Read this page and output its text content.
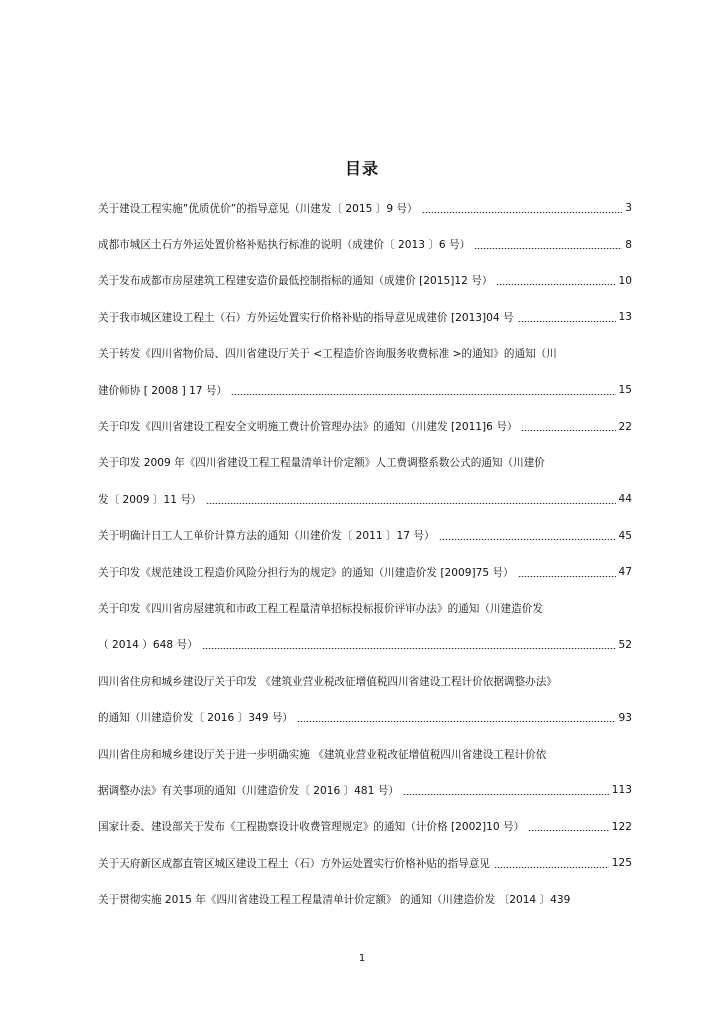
目录
关于建设工程实施”优质优价”的指导意见（川建发〔 2015 〕9 号）	3
成都市城区土石方外运处置价格补贴执行标准的说明（成建价〔 2013 〕6 号）	8
关于发布成都市房屋建筑工程建安造价最低控制指标的通知（成建价 [2015]12 号）	10
关于我市城区建设工程土（石）方外运处置实行价格补贴的指导意见成建价 [2013]04 号	13
关于转发《四川省物价局、四川省建设厅关于 <工程造价咨询服务收费标准 >的通知》的通知（川
建价师协 [ 2008 ] 17 号）	15
关于印发《四川省建设工程安全文明施工费计价管理办法》的通知（川建发 [2011]6 号）	22
关于印发 2009 年《四川省建设工程工程量清单计价定额》人工费调整系数公式的通知（川建价
发〔 2009 〕11 号）	44
关于明确计日工人工单价计算方法的通知（川建价发〔 2011 〕17 号）	45
关于印发《规范建设工程造价风险分担行为的规定》的通知（川建造价发 [2009]75 号）	47
关于印发《四川省房屋建筑和市政工程工程量清单招标投标报价评审办法》的通知（川建造价发
（ 2014 ）648 号）	52
四川省住房和城乡建设厅关于印发 《建筑业营业税改征增值税四川省建设工程计价依据调整办法》
的通知（川建造价发〔 2016 〕349 号）	93
四川省住房和城乡建设厅关于进一步明确实施 《建筑业营业税改征增值税四川省建设工程计价依
据调整办法》有关事项的通知（川建造价发〔 2016 〕481 号）	113
国家计委、建设部关于发布《工程勘察设计收费管理规定》的通知（计价格 [2002]10 号）	122
关于天府新区成都直管区城区建设工程土（石）方外运处置实行价格补贴的指导意见	125
关于贯彻实施 2015 年《四川省建设工程工程量清单计价定额》 的通知（川建造价发 〔2014 〕439
1
